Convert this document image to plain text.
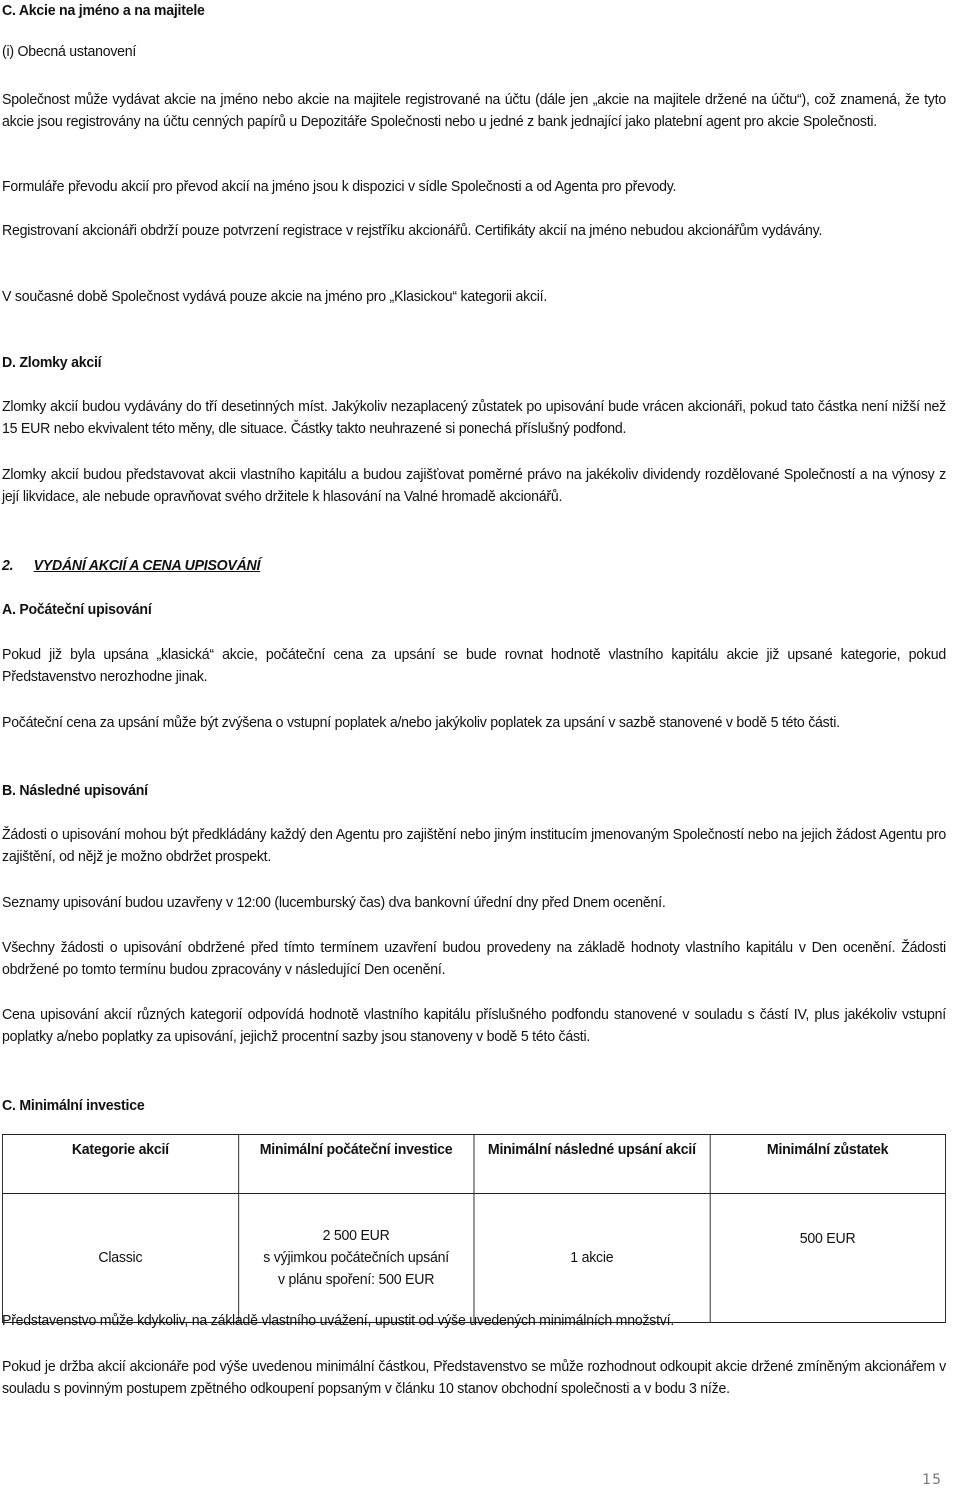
C. Akcie na jméno a na majitele

(i) Obecná ustanovení

Společnost může vydávat akcie na jméno nebo akcie na majitele registrované na účtu (dále jen „akcie na majitele držené na účtu“), což znamená, že tyto akcie jsou registrovány na účtu cenných papírů u Depozitáře Společnosti nebo u jedné z bank jednající jako platební agent pro akcie Společnosti.

Formuláře převodu akcií pro převod akcií na jméno jsou k dispozici v sídle Společnosti a od Agenta pro převody.

Registrovaní akcionáři obdrží pouze potvrzení registrace v rejstříku akcionářů. Certifikáty akcií na jméno nebudou akcionářům vydávány.

V současné době Společnost vydává pouze akcie na jméno pro „Klasickou“ kategorii akcií.

D. Zlomky akcií

Zlomky akcií budou vydávány do tří desetinných míst. Jakýkoliv nezaplacený zůstatek po upisování bude vrácen akcionáři, pokud tato částka není nižší než 15 EUR nebo ekvivalent této měny, dle situace. Částky takto neuhrazené si ponechá příslušný podfond.

Zlomky akcií budou představovat akcii vlastního kapitálu a budou zajišťovat poměrné právo na jakékoliv dividendy rozdělované Společností a na výnosy z její likvidace, ale nebude opravňovat svého držitele k hlasování na Valné hromadě akcionářů.

2. VYDÁNÍ AKCIÍ A CENA UPISOVÁNÍ

A. Počáteční upisování

Pokud již byla upsána „klasická“ akcie, počáteční cena za upsání se bude rovnat hodnotě vlastního kapitálu akcie již upsané kategorie, pokud Představenstvo nerozhodne jinak.

Počáteční cena za upsání může být zvýšena o vstupní poplatek a/nebo jakýkoliv poplatek za upsání v sazbě stanovené v bodě 5 této části.

B. Následné upisování

Žádosti o upisování mohou být předkládány každý den Agentu pro zajištění nebo jiným institucím jmenovaným Společností nebo na jejich žádost Agentu pro zajištění, od nějž je možno obdržet prospekt.

Seznamy upisování budou uzavřeny v 12:00 (lucemburský čas) dva bankovní úřední dny před Dnem ocenění.

Všechny žádosti o upisování obdržené před tímto termínem uzavření budou provedeny na základě hodnoty vlastního kapitálu v Den ocenění. Žádosti obdržené po tomto termínu budou zpracovány v následující Den ocenění.

Cena upisování akcií různých kategorií odpovídá hodnotě vlastního kapitálu příslušného podfondu stanovené v souladu s částí IV, plus jakékoliv vstupní poplatky a/nebo poplatky za upisování, jejichž procentní sazby jsou stanoveny v bodě 5 této části.

C. Minimální investice

Kategorie akcií	Minimální počáteční investice	Minimální následné upsání akcií	Minimální zůstatek
Classic	2 500 EUR
s výjimkou počátečních upsání
v plánu spoření: 500 EUR	1 akcie	500 EUR

Představenstvo může kdykoliv, na základě vlastního uvážení, upustit od výše uvedených minimálních množství.

Pokud je držba akcií akcionáře pod výše uvedenou minimální částkou, Představenstvo se může rozhodnout odkoupit akcie držené zmíněným akcionářem v souladu s povinným postupem zpětného odkoupení popsaným v článku 10 stanov obchodní společnosti a v bodu 3 níže.

15
